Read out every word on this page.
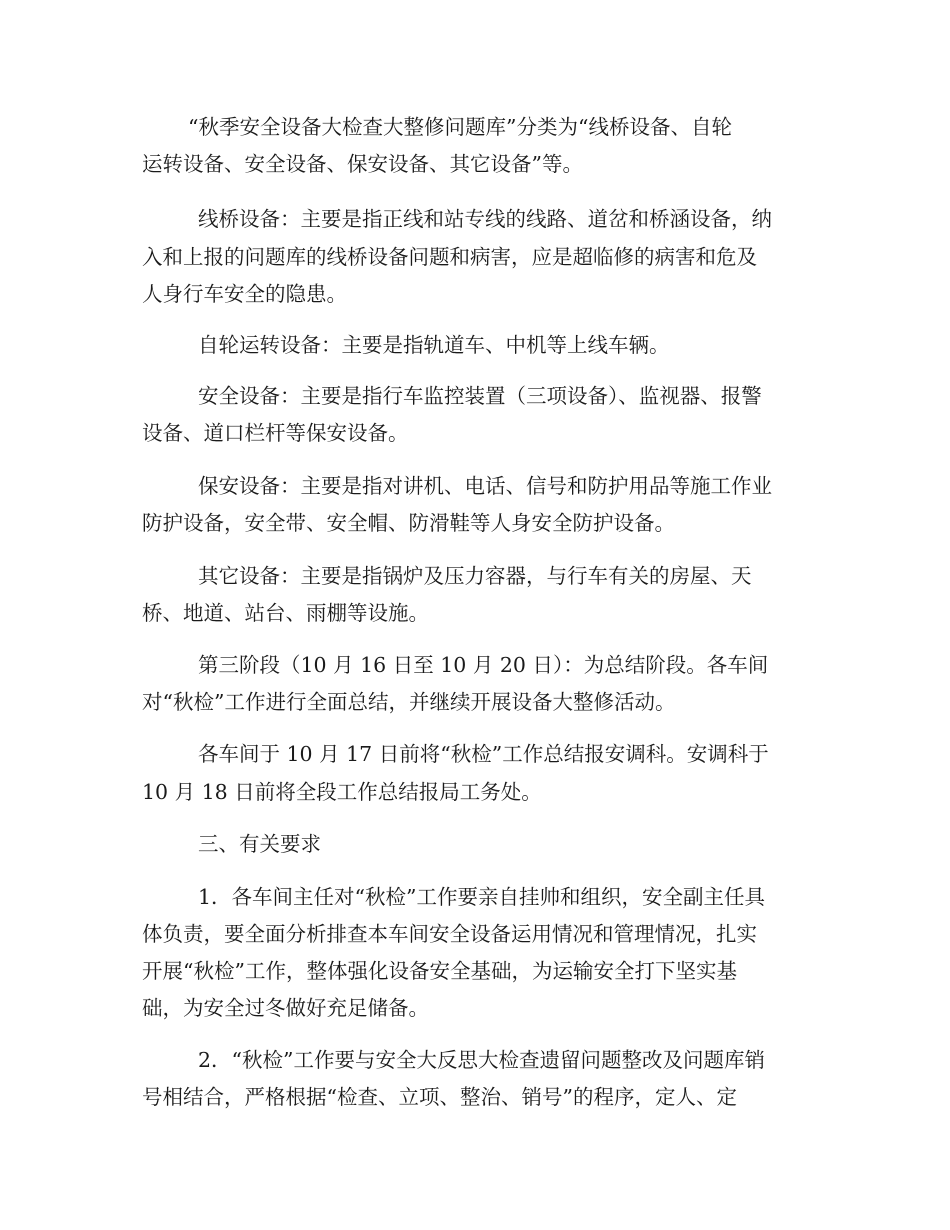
“秋季安全设备大检查大整修问题库”分类为“线桥设备、自轮
运转设备、安全设备、保安设备、其它设备”等。
线桥设备：主要是指正线和站专线的线路、道岔和桥涵设备，纳
入和上报的问题库的线桥设备问题和病害，应是超临修的病害和危及
人身行车安全的隐患。
自轮运转设备：主要是指轨道车、中机等上线车辆。
安全设备：主要是指行车监控装置（三项设备）、监视器、报警
设备、道口栏杆等保安设备。
保安设备：主要是指对讲机、电话、信号和防护用品等施工作业
防护设备，安全带、安全帽、防滑鞋等人身安全防护设备。
其它设备：主要是指锅炉及压力容器，与行车有关的房屋、天
桥、地道、站台、雨棚等设施。
第三阶段（10 月 16 日至 10 月 20 日）：为总结阶段。各车间
对“秋检”工作进行全面总结，并继续开展设备大整修活动。
各车间于 10 月 17 日前将“秋检”工作总结报安调科。安调科于
10 月 18 日前将全段工作总结报局工务处。
三、有关要求
1．各车间主任对“秋检”工作要亲自挂帅和组织，安全副主任具
体负责，要全面分析排查本车间安全设备运用情况和管理情况，扎实
开展“秋检”工作，整体强化设备安全基础，为运输安全打下坚实基
础，为安全过冬做好充足储备。
2．“秋检”工作要与安全大反思大检查遗留问题整改及问题库销
号相结合，严格根据“检查、立项、整治、销号”的程序，定人、定
